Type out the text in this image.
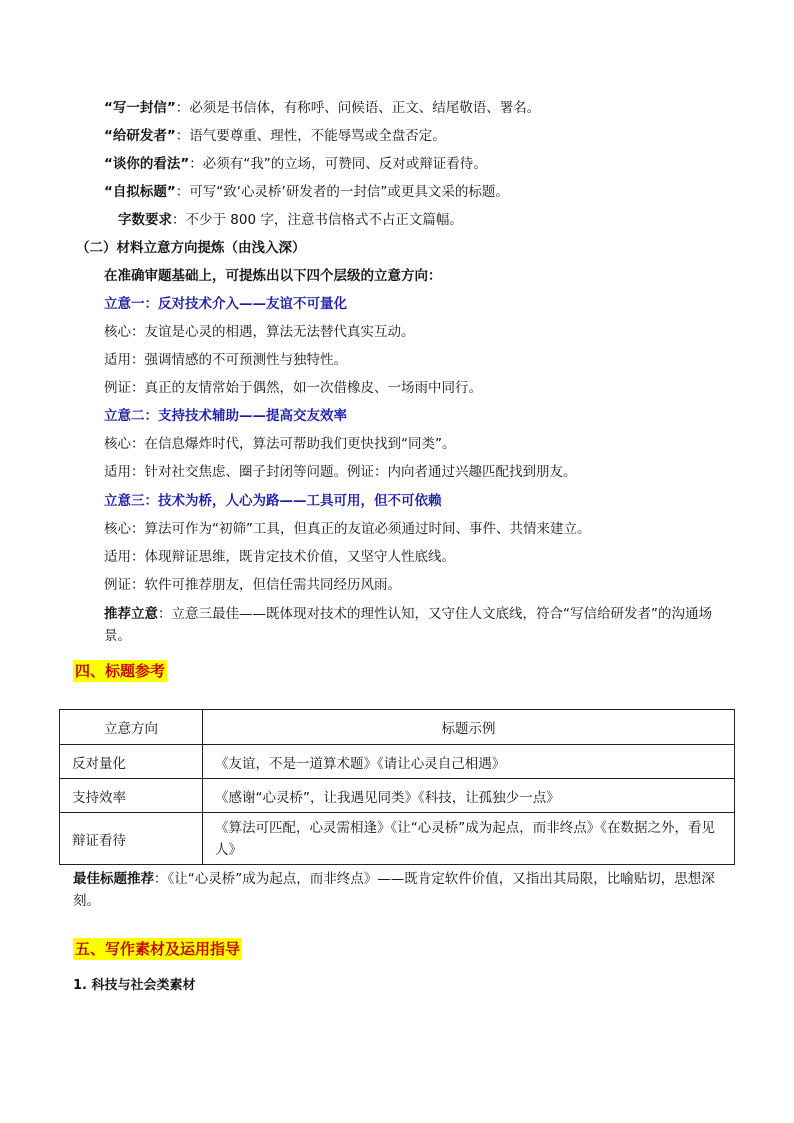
“写一封信”：必须是书信体，有称呼、问候语、正文、结尾敬语、署名。
“给研发者”：语气要尊重、理性，不能辱骂或全盘否定。
“谈你的看法”：必须有“我”的立场，可赞同、反对或辩证看待。
“自拟标题”：可写“致‘心灵桥’研发者的一封信”或更具文采的标题。
字数要求：不少于 800 字，注意书信格式不占正文篇幅。
（二）材料立意方向提炼（由浅入深）
在准确审题基础上，可提炼出以下四个层级的立意方向：
立意一：反对技术介入——友谊不可量化
核心：友谊是心灵的相遇，算法无法替代真实互动。
适用：强调情感的不可预测性与独特性。
例证：真正的友情常始于偶然，如一次借橡皮、一场雨中同行。
立意二：支持技术辅助——提高交友效率
核心：在信息爆炸时代，算法可帮助我们更快找到“同类”。
适用：针对社交焦虑、圈子封闭等问题。例证：内向者通过兴趣匹配找到朋友。
立意三：技术为桥，人心为路——工具可用，但不可依赖
核心：算法可作为“初筛”工具，但真正的友谊必须通过时间、事件、共情来建立。
适用：体现辩证思维，既肯定技术价值，又坚守人性底线。
例证：软件可推荐朋友，但信任需共同经历风雨。
推荐立意：立意三最佳——既体现对技术的理性认知，又守住人文底线，符合“写信给研发者”的沟通场景。
四、标题参考
立意方向	标题示例
反对量化	《友谊，不是一道算术题》《请让心灵自己相遇》
支持效率	《感谢“心灵桥”，让我遇见同类》《科技，让孤独少一点》
辩证看待	《算法可匹配，心灵需相逢》《让“心灵桥”成为起点，而非终点》《在数据之外，看见人》
最佳标题推荐：《让“心灵桥”成为起点，而非终点》——既肯定软件价值，又指出其局限，比喻贴切，思想深刻。
五、写作素材及运用指导
1. 科技与社会类素材
